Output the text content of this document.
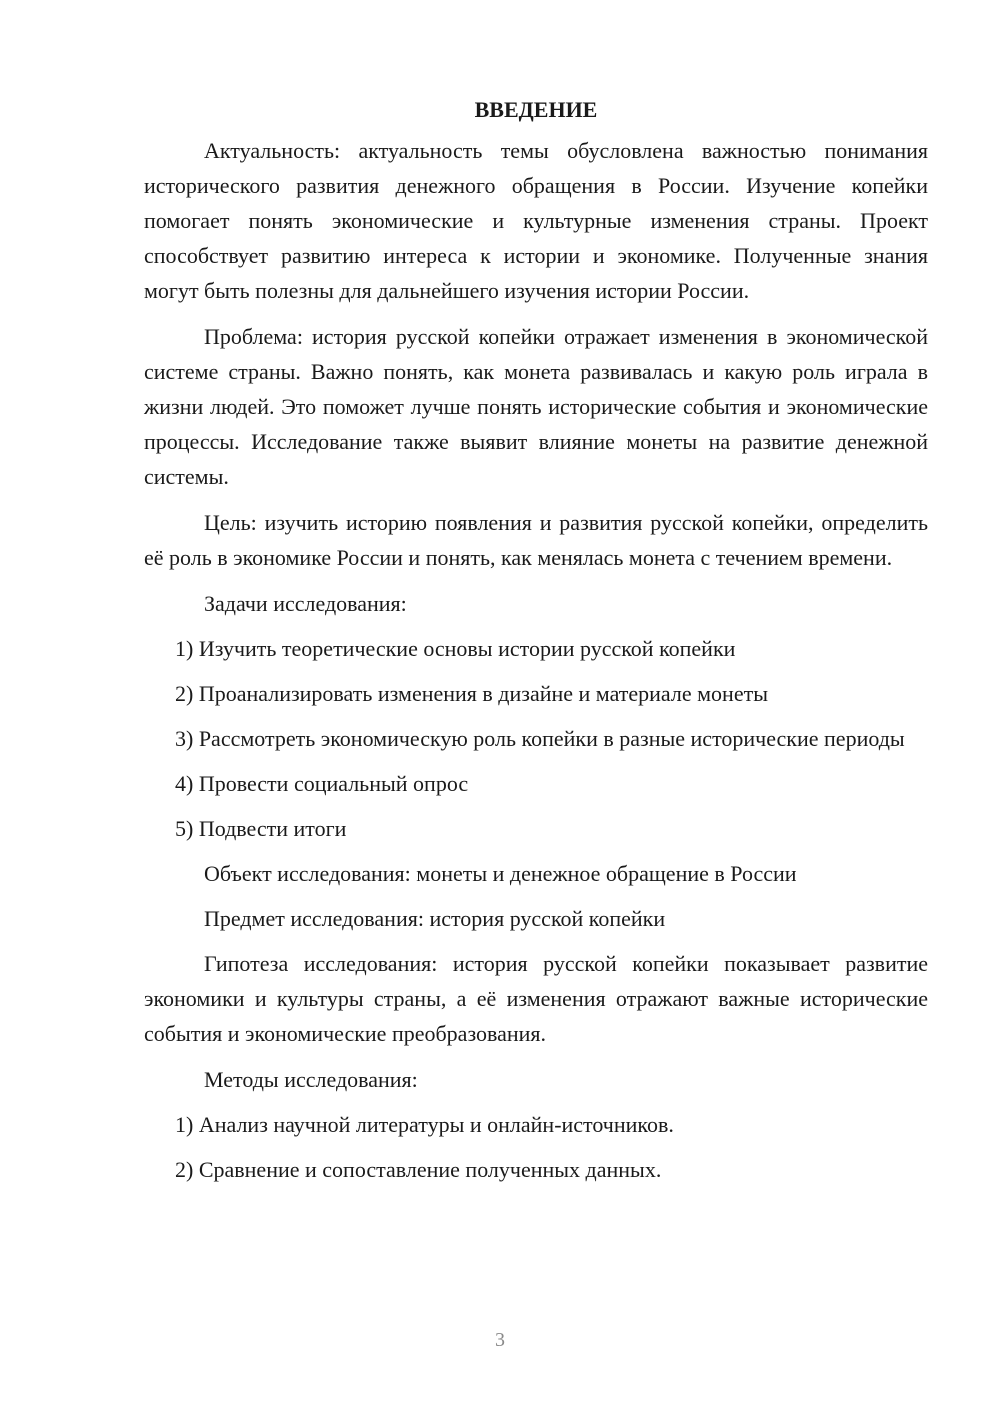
ВВЕДЕНИЕ

Актуальность: актуальность темы обусловлена важностью понимания исторического развития денежного обращения в России. Изучение копейки помогает понять экономические и культурные изменения страны. Проект способствует развитию интереса к истории и экономике. Полученные знания могут быть полезны для дальнейшего изучения истории России.

Проблема: история русской копейки отражает изменения в экономической системе страны. Важно понять, как монета развивалась и какую роль играла в жизни людей. Это поможет лучше понять исторические события и экономические процессы. Исследование также выявит влияние монеты на развитие денежной системы.

Цель: изучить историю появления и развития русской копейки, определить её роль в экономике России и понять, как менялась монета с течением времени.

Задачи исследования:

1) Изучить теоретические основы истории русской копейки

2) Проанализировать изменения в дизайне и материале монеты

3) Рассмотреть экономическую роль копейки в разные исторические периоды

4) Провести социальный опрос

5) Подвести итоги

Объект исследования: монеты и денежное обращение в России

Предмет исследования: история русской копейки

Гипотеза исследования: история русской копейки показывает развитие экономики и культуры страны, а её изменения отражают важные исторические события и экономические преобразования.

Методы исследования:

1) Анализ научной литературы и онлайн-источников.

2) Сравнение и сопоставление полученных данных.

3
